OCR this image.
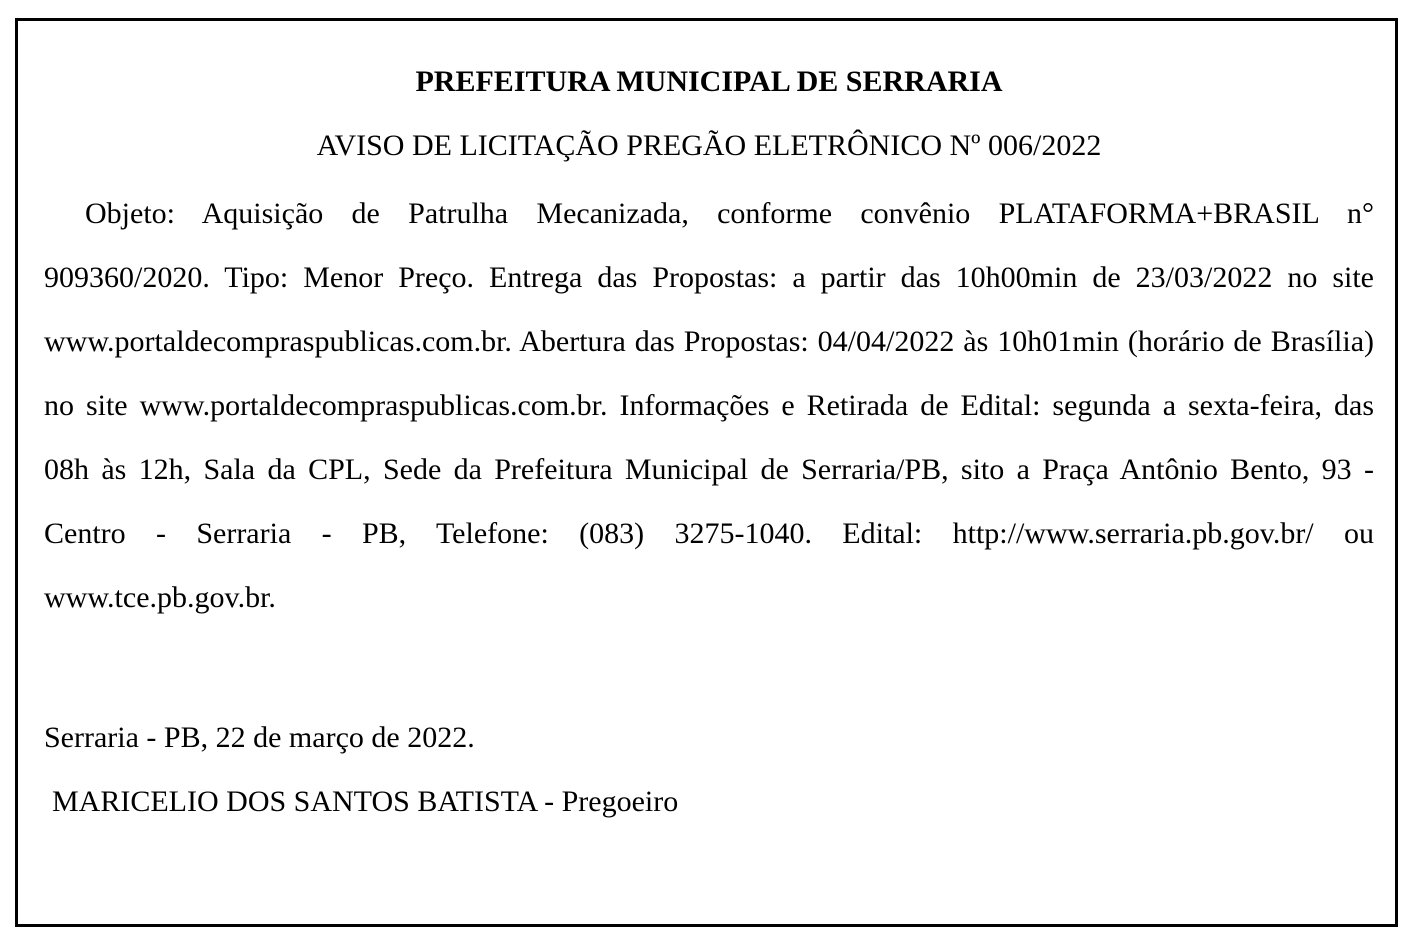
PREFEITURA MUNICIPAL DE SERRARIA

AVISO DE LICITAÇÃO PREGÃO ELETRÔNICO Nº 006/2022

Objeto: Aquisição de Patrulha Mecanizada, conforme convênio PLATAFORMA+BRASIL n° 909360/2020. Tipo: Menor Preço. Entrega das Propostas: a partir das 10h00min de 23/03/2022 no site www.portaldecompraspublicas.com.br. Abertura das Propostas: 04/04/2022 às 10h01min (horário de Brasília) no site www.portaldecompraspublicas.com.br. Informações e Retirada de Edital: segunda a sexta-feira, das 08h às 12h, Sala da CPL, Sede da Prefeitura Municipal de Serraria/PB, sito a Praça Antônio Bento, 93 - Centro - Serraria - PB, Telefone: (083) 3275-1040. Edital: http://www.serraria.pb.gov.br/ ou www.tce.pb.gov.br.

Serraria - PB, 22 de março de 2022.

MARICELIO DOS SANTOS BATISTA - Pregoeiro
